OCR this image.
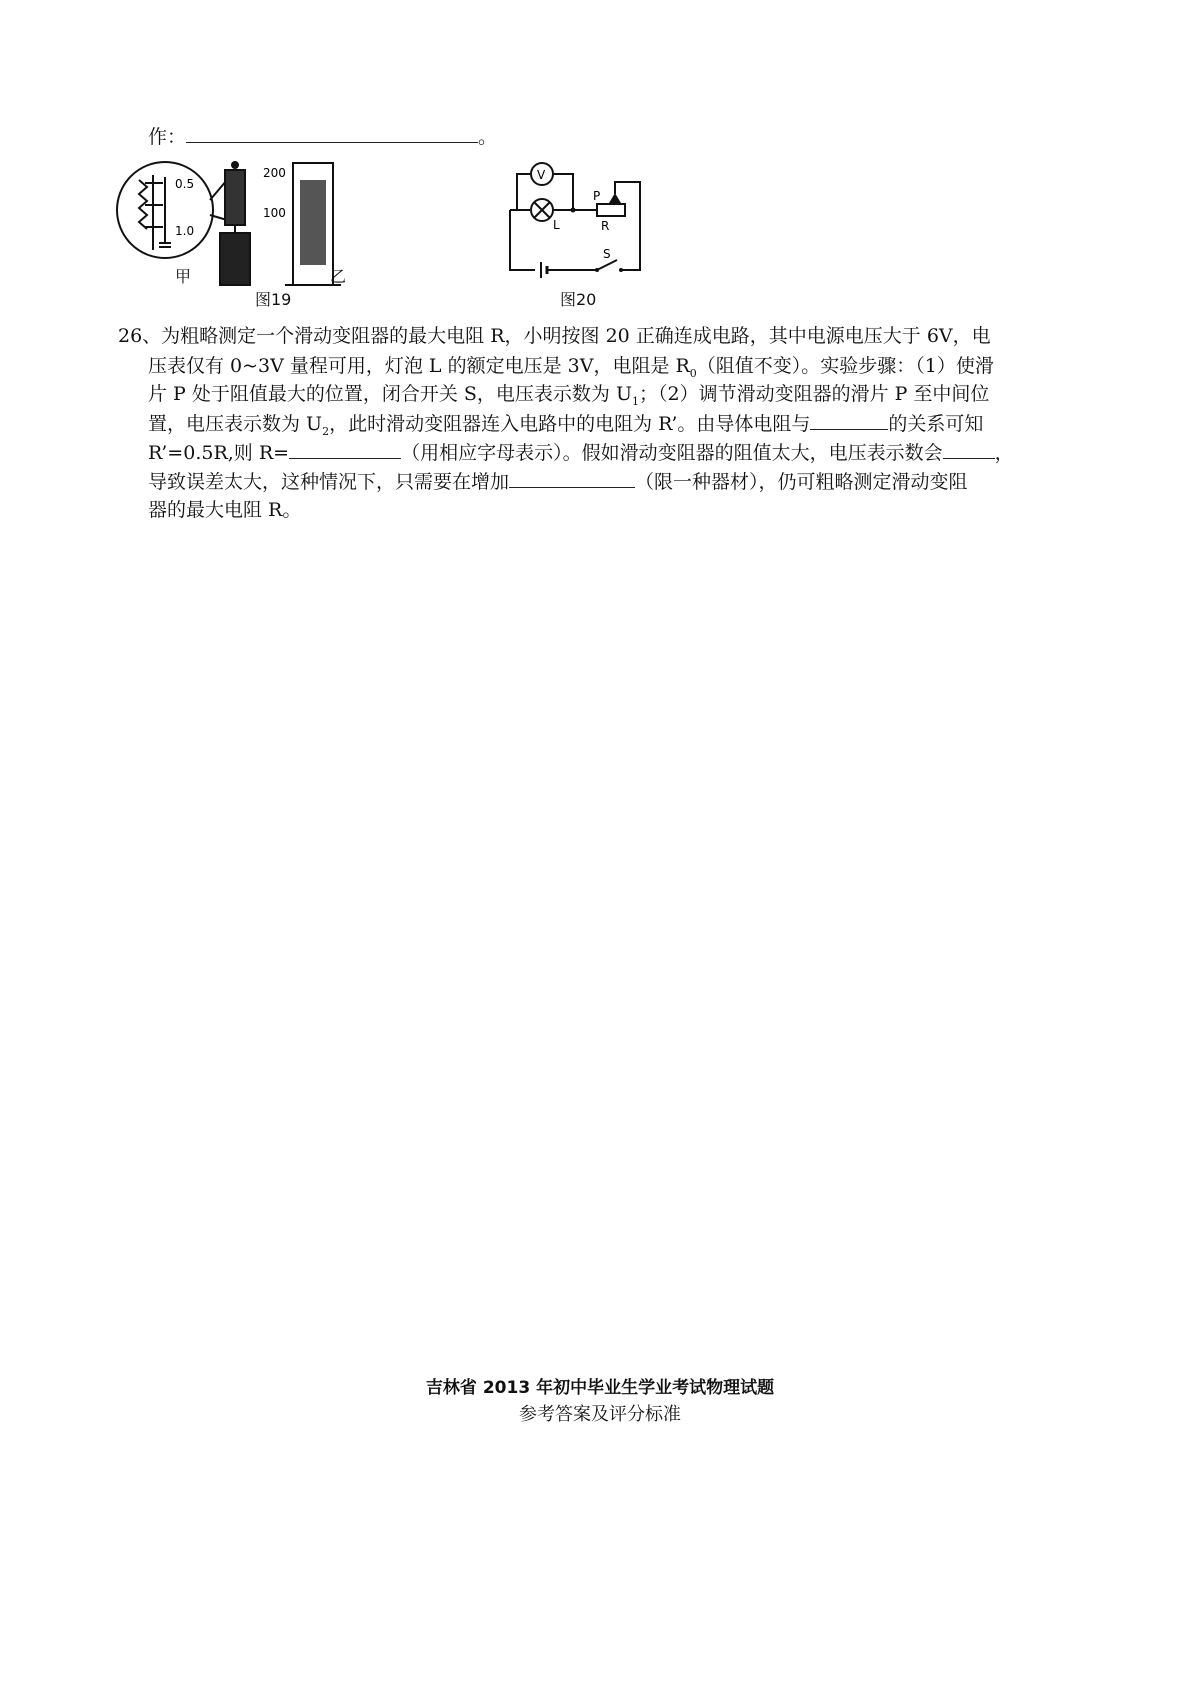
作：	。
0.5
1.0
200
100
甲	乙
图19
V
P
L	R
S
图20
26、为粗略测定一个滑动变阻器的最大电阻 R，小明按图 20 正确连成电路，其中电源电压大于 6V，电
压表仅有 0~3V 量程可用，灯泡 L 的额定电压是 3V，电阻是 $R_0$（阻值不变）。实验步骤：（1）使滑
片 P 处于阻值最大的位置，闭合开关 S，电压表示数为 $U_1$；（2）调节滑动变阻器的滑片 P 至中间位
置，电压表示数为 $U_2$，此时滑动变阻器连入电路中的电阻为 R’。由导体电阻与	的关系可知
R’=0.5R,则 R=	（用相应字母表示）。假如滑动变阻器的阻值太大，电压表示数会	，
导致误差太大，这种情况下，只需要在增加	（限一种器材），仍可粗略测定滑动变阻
器的最大电阻 R。
吉林省 2013 年初中毕业生学业考试物理试题
参考答案及评分标准
